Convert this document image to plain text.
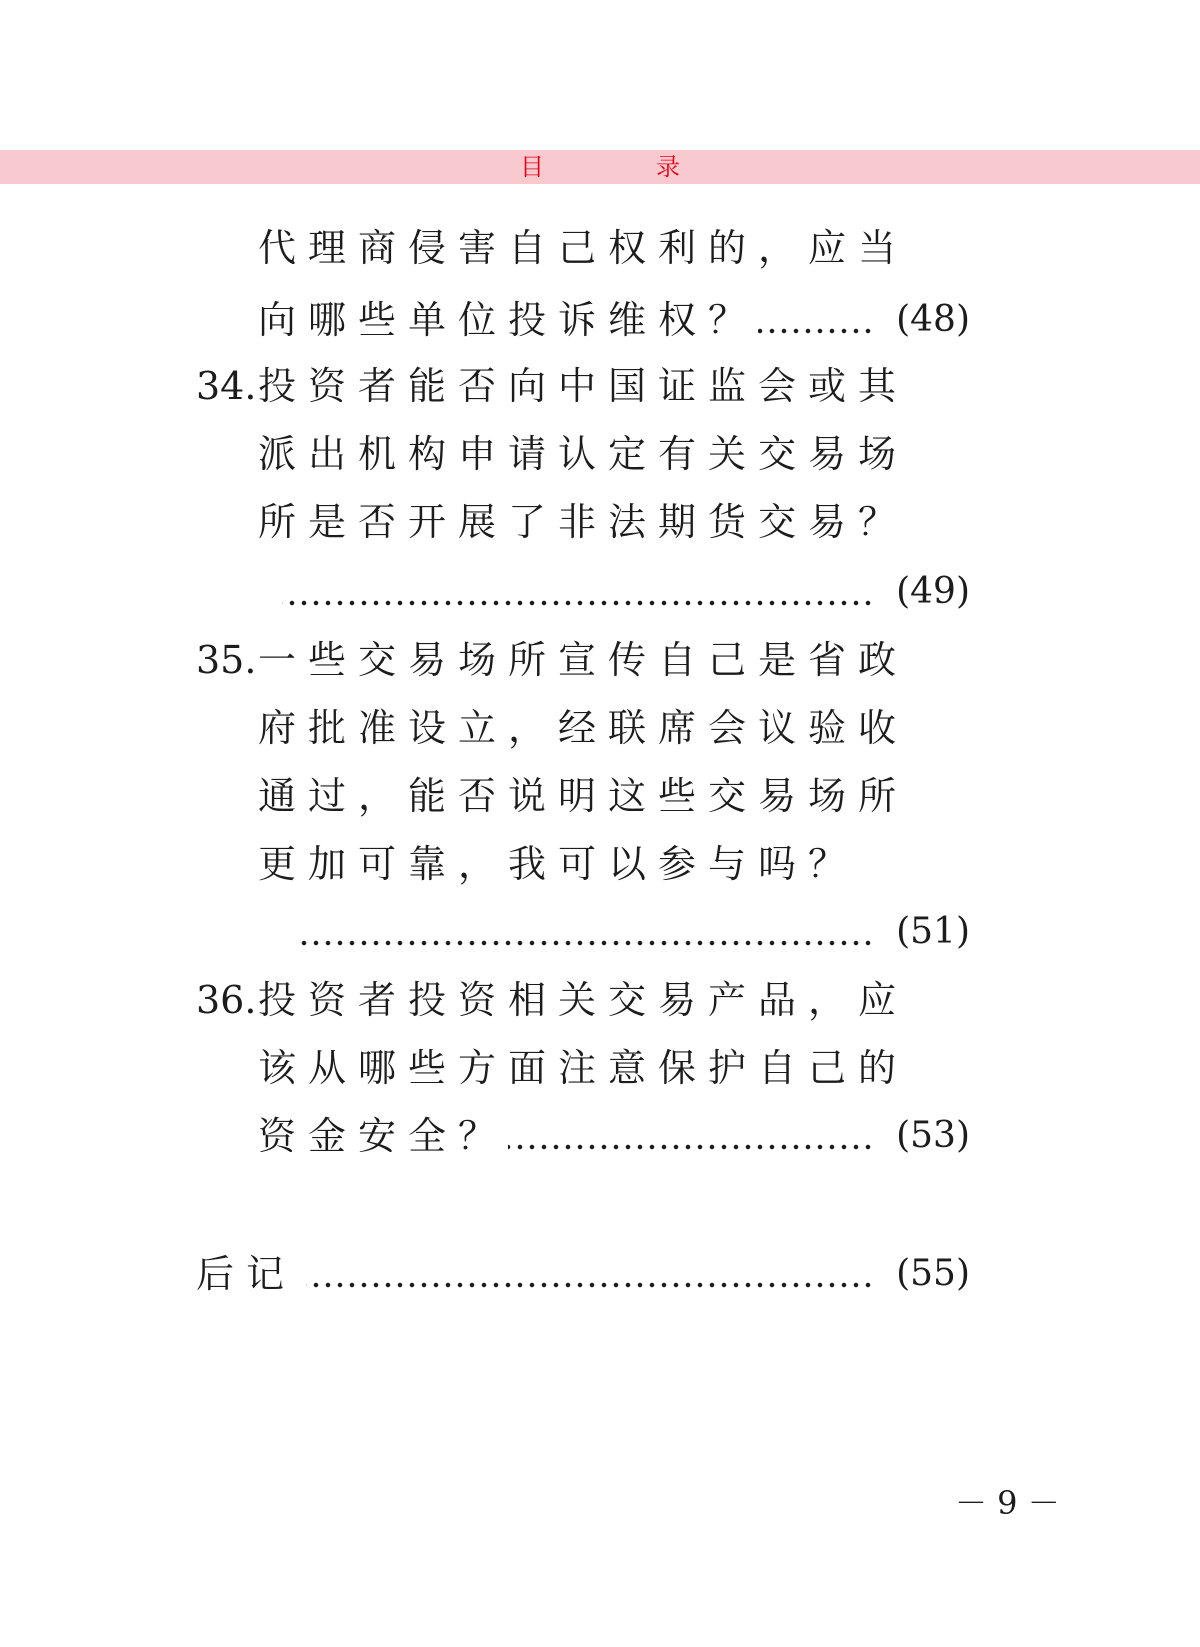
目　录
代理商侵害自己权利的，应当
向哪些单位投诉维权？	(48)
34. 投资者能否向中国证监会或其
派出机构申请认定有关交易场
所是否开展了非法期货交易？
(49)
35. 一些交易场所宣传自己是省政
府批准设立，经联席会议验收
通过，能否说明这些交易场所
更加可靠，我可以参与吗？
(51)
36. 投资者投资相关交易产品，应
该从哪些方面注意保护自己的
资金安全？	(53)
后记	(55)
－ 9 －
